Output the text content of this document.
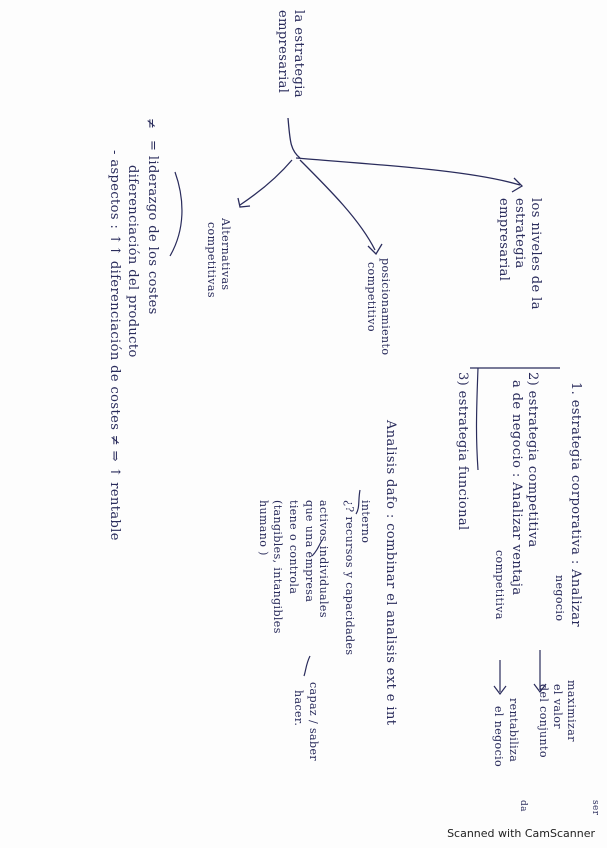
la estrategia
empresarial
los niveles de la
estrategia
empresarial
1. estrategia corporativa : Analizar
negocio
maximizar
el valor
del conjunto
2) estrategia competitiva
a de negocio : Analizar ventaja
competitiva
rentabiliza
el negocio
3) estrategia funcional
posicionamiento
competitivo
Analisis dafo : combinar el analisis ext e int
interno
¿? recursos y capacidades
activos individuales
que una empresa
tiene o controla
(tangibles, intangibles
humano )
capaz / saber
hacer.
Alternativas
competitivas
= liderazgo de los costes
diferenciación del producto
- aspectos : ↑↑ diferenciación de costes ≠ ⇒ ↑ rentable
≠
ser
da
Scanned with CamScanner
